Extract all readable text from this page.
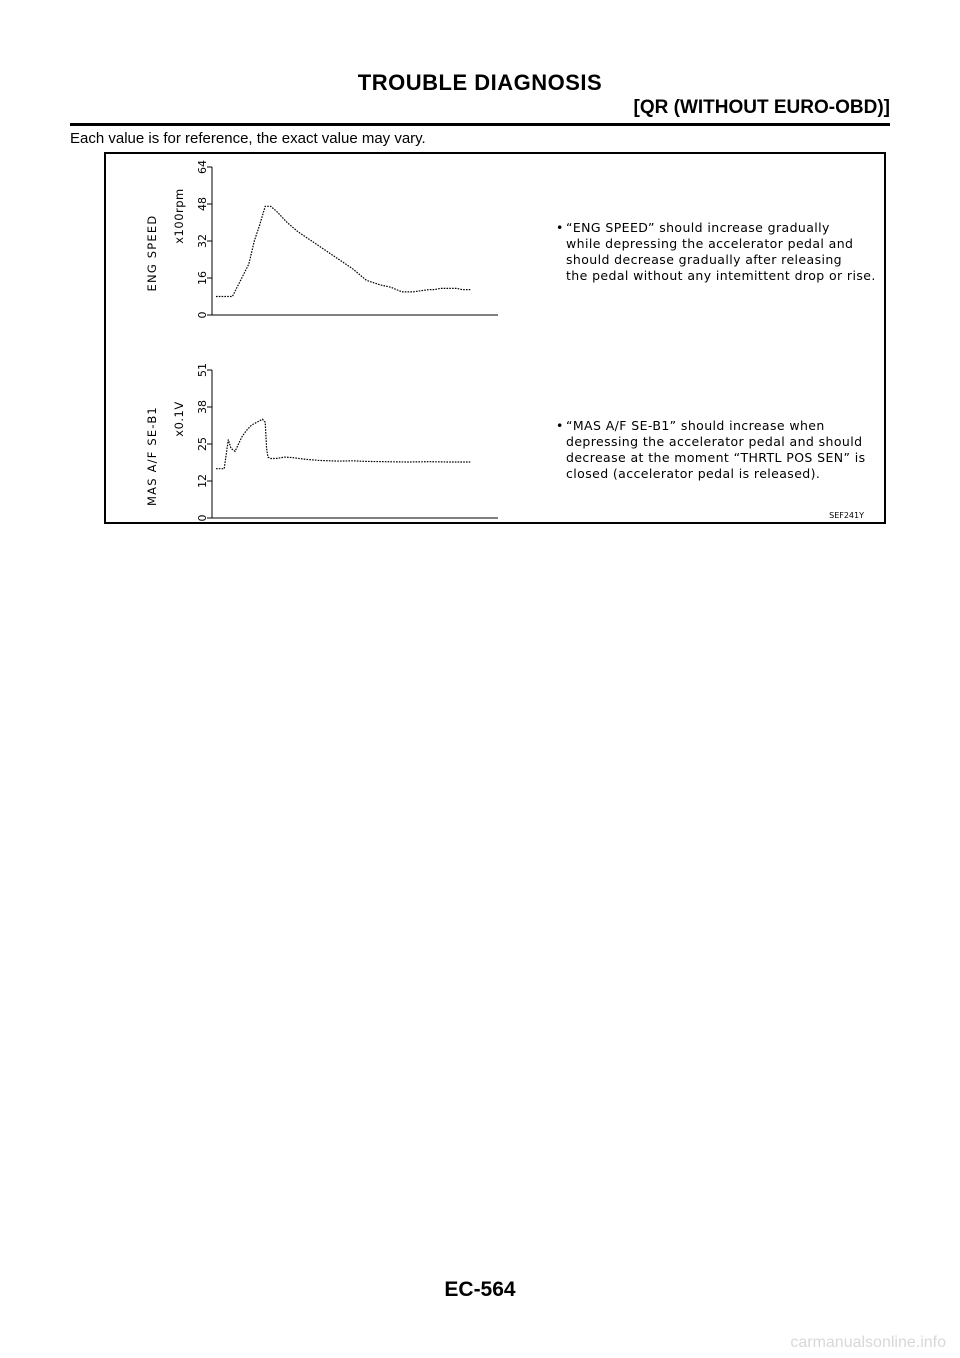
TROUBLE DIAGNOSIS
[QR (WITHOUT EURO-OBD)]
Each value is for reference, the exact value may vary.
0
16
32
48
64
ENG SPEED x100rpm
0
12
25
38
51
MAS A/F SE-B1 x0.1V
• “ENG SPEED” should increase gradually
while depressing the accelerator pedal and
should decrease gradually after releasing
the pedal without any intemittent drop or rise.
• “MAS A/F SE-B1” should increase when
depressing the accelerator pedal and should
decrease at the moment “THRTL POS SEN” is
closed (accelerator pedal is released).
SEF241Y
EC-564
carmanualsonline.info
